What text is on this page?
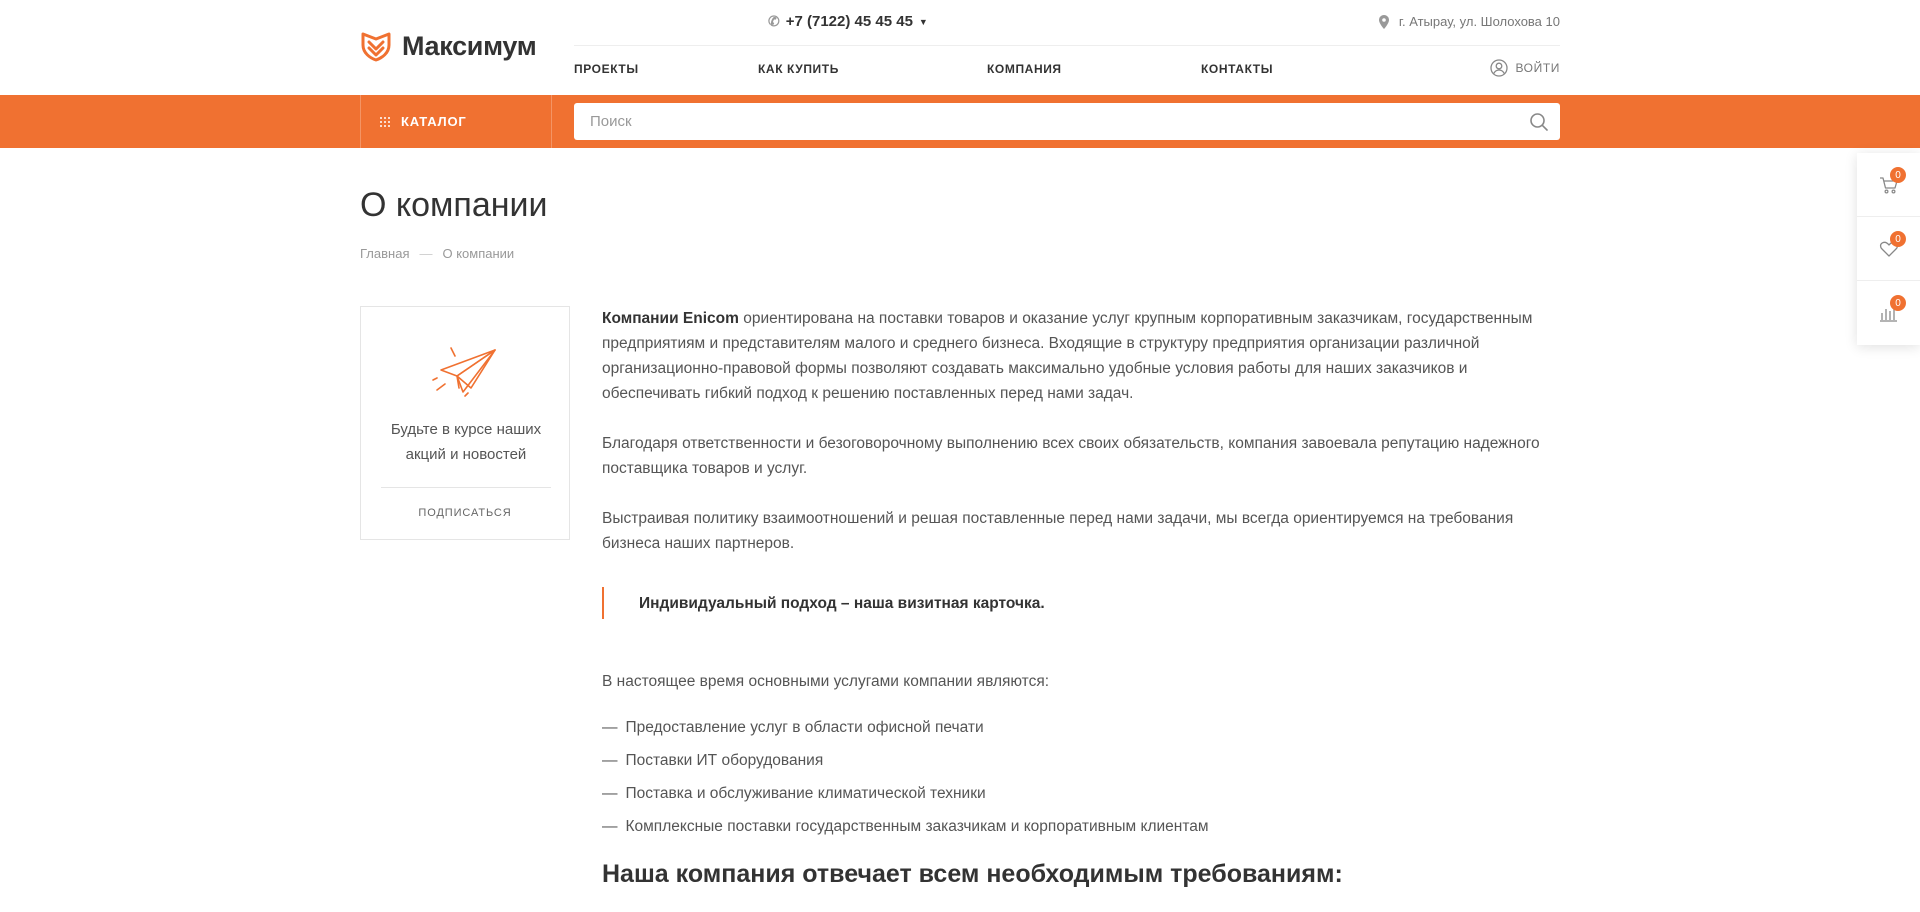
Максимум
✆ +7 (7122) 45 45 45 ▼	г. Атырау, ул. Шолохова 10
ПРОЕКТЫ	КАК КУПИТЬ	КОМПАНИЯ	КОНТАКТЫ	ВОЙТИ
КАТАЛОГ
Поиск
0
0
0
О компании
Главная — О компании
Будьте в курсе наших акций и новостей
ПОДПИСАТЬСЯ

Компании Enicom ориентирована на поставки товаров и оказание услуг крупным корпоративным заказчикам, государственным предприятиям и представителям малого и среднего бизнеса. Входящие в структуру предприятия организации различной организационно-правовой формы позволяют создавать максимально удобные условия работы для наших заказчиков и обеспечивать гибкий подход к решению поставленных перед нами задач.

Благодаря ответственности и безоговорочному выполнению всех своих обязательств, компания завоевала репутацию надежного поставщика товаров и услуг.

Выстраивая политику взаимоотношений и решая поставленные перед нами задачи, мы всегда ориентируемся на требования бизнеса наших партнеров.

Индивидуальный подход – наша визитная карточка.

В настоящее время основными услугами компании являются:

— Предоставление услуг в области офисной печати
— Поставки ИТ оборудования
— Поставка и обслуживание климатической техники
— Комплексные поставки государственным заказчикам и корпоративным клиентам
Наша компания отвечает всем необходимым требованиям:
